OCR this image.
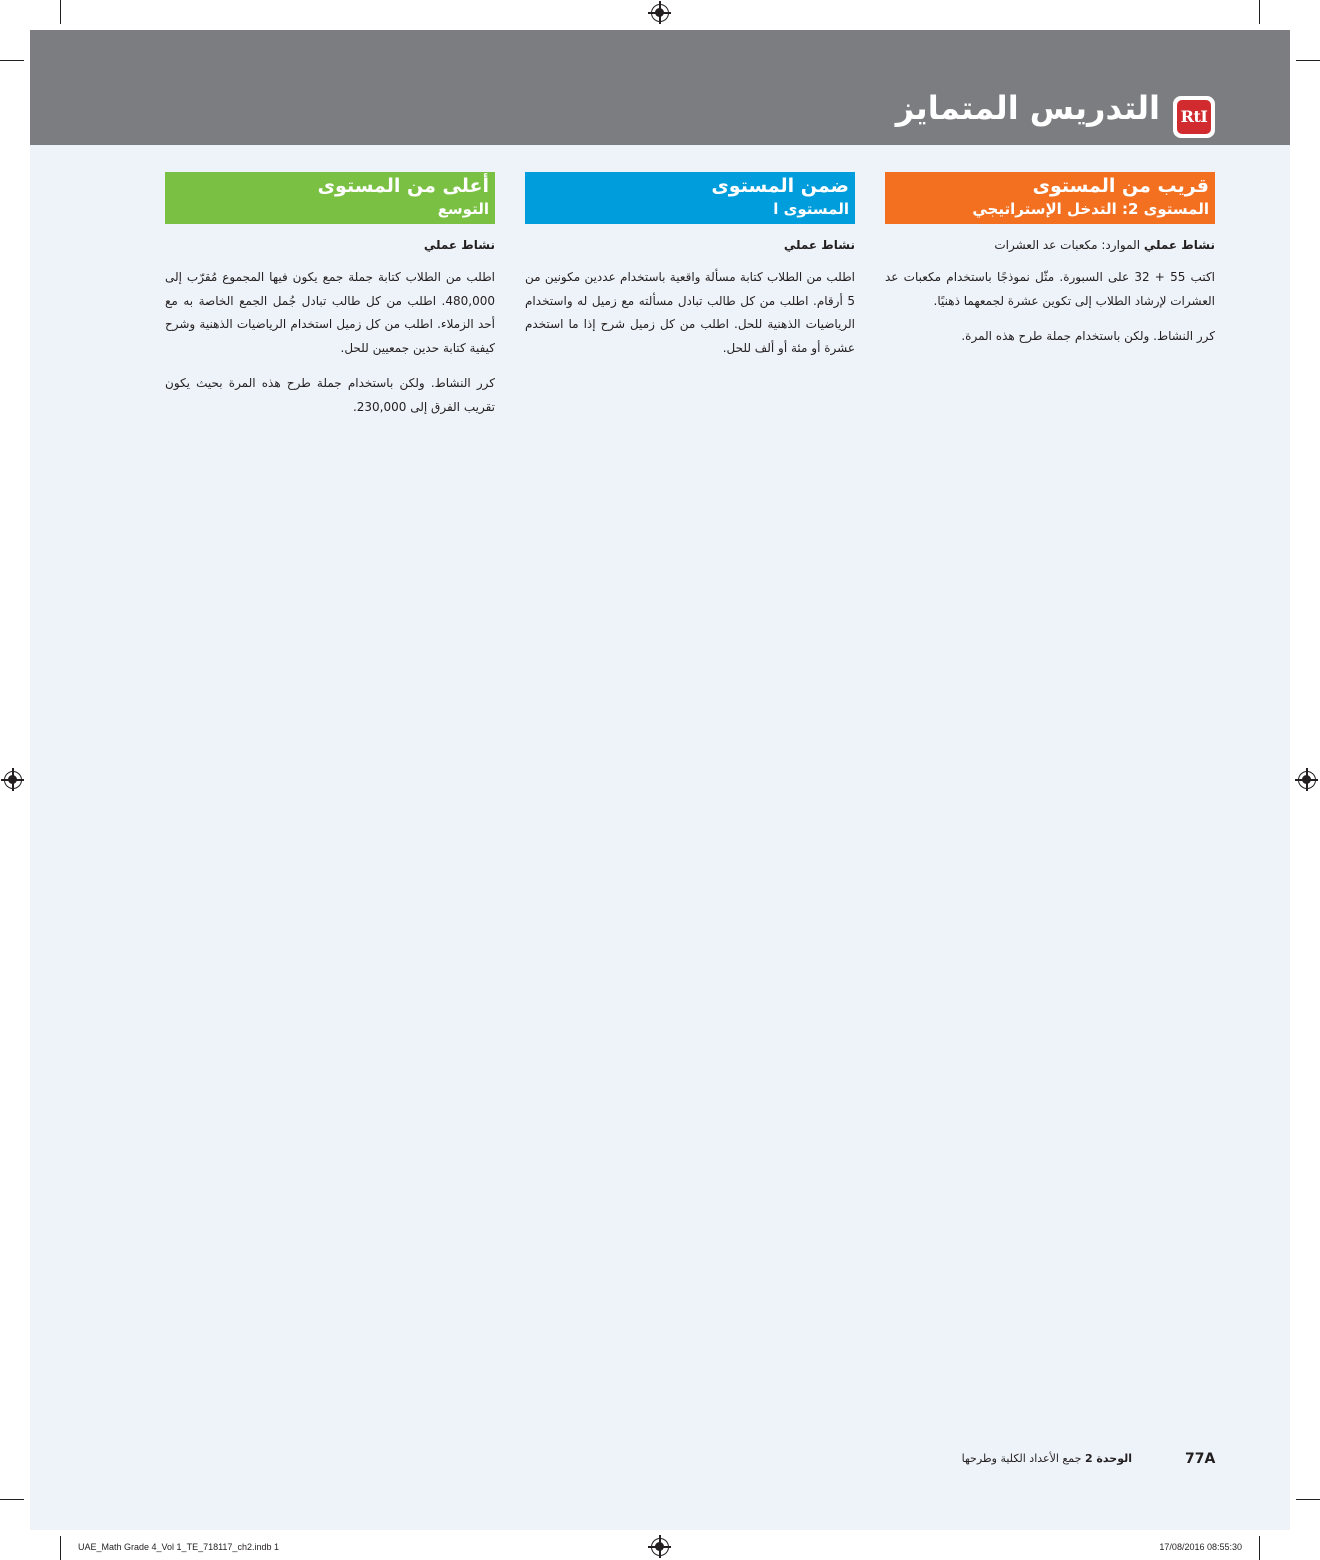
التدريس المتمايز RtI
قريب من المستوى
المستوى 2: التدخل الإستراتيجي
نشاط عملي الموارد: مكعبات عد العشرات
اكتب 55 + 32 على السبورة. مثّل نموذجًا باستخدام مكعبات عد العشرات لإرشاد الطلاب إلى تكوين عشرة لجمعهما ذهنيًا.
كرر النشاط. ولكن باستخدام جملة طرح هذه المرة.
ضمن المستوى
المستوى ا
نشاط عملي
اطلب من الطلاب كتابة مسألة واقعية باستخدام عددين مكونين من 5 أرقام. اطلب من كل طالب تبادل مسألته مع زميل له واستخدام الرياضيات الذهنية للحل. اطلب من كل زميل شرح إذا ما استخدم عشرة أو مئة أو ألف للحل.
أعلى من المستوى
التوسع
نشاط عملي
اطلب من الطلاب كتابة جملة جمع يكون فيها المجموع مُقرّب إلى 480,000. اطلب من كل طالب تبادل جُمل الجمع الخاصة به مع أحد الزملاء. اطلب من كل زميل استخدام الرياضيات الذهنية وشرح كيفية كتابة حدين جمعيين للحل.
كرر النشاط. ولكن باستخدام جملة طرح هذه المرة بحيث يكون تقريب الفرق إلى 230,000.
77A
الوحدة 2 جمع الأعداد الكلية وطرحها
UAE_Math Grade 4_Vol 1_TE_718117_ch2.indb 1	17/08/2016 08:55:30
